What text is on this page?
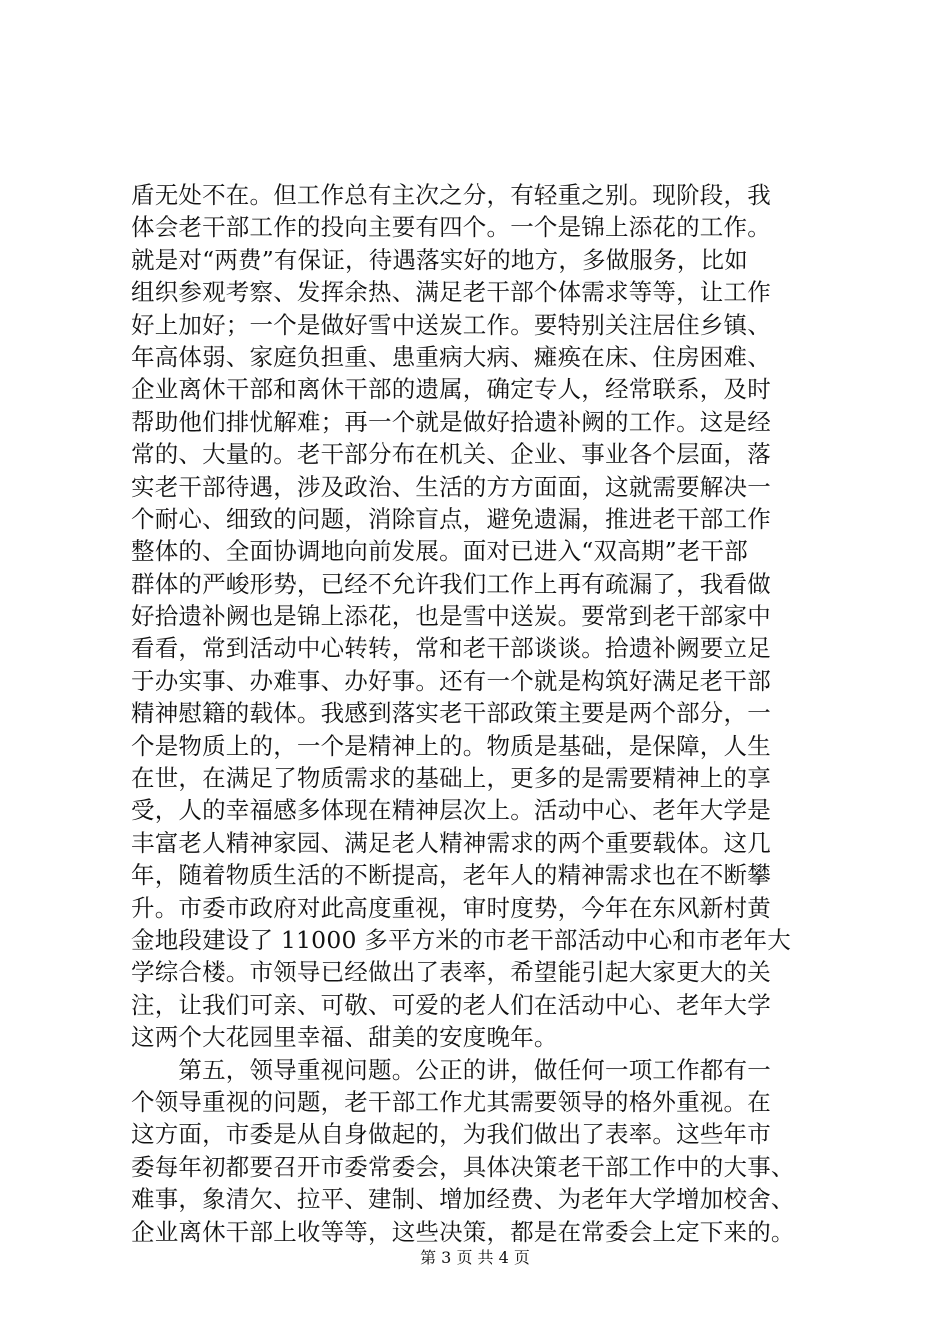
盾无处不在。但工作总有主次之分，有轻重之别。现阶段，我
体会老干部工作的投向主要有四个。一个是锦上添花的工作。
就是对“两费”有保证，待遇落实好的地方，多做服务，比如
组织参观考察、发挥余热、满足老干部个体需求等等，让工作
好上加好；一个是做好雪中送炭工作。要特别关注居住乡镇、
年高体弱、家庭负担重、患重病大病、瘫痪在床、住房困难、
企业离休干部和离休干部的遗属，确定专人，经常联系，及时
帮助他们排忧解难；再一个就是做好拾遗补阙的工作。这是经
常的、大量的。老干部分布在机关、企业、事业各个层面，落
实老干部待遇，涉及政治、生活的方方面面，这就需要解决一
个耐心、细致的问题，消除盲点，避免遗漏，推进老干部工作
整体的、全面协调地向前发展。面对已进入“双高期”老干部
群体的严峻形势，已经不允许我们工作上再有疏漏了，我看做
好拾遗补阙也是锦上添花，也是雪中送炭。要常到老干部家中
看看，常到活动中心转转，常和老干部谈谈。拾遗补阙要立足
于办实事、办难事、办好事。还有一个就是构筑好满足老干部
精神慰籍的载体。我感到落实老干部政策主要是两个部分，一
个是物质上的，一个是精神上的。物质是基础，是保障，人生
在世，在满足了物质需求的基础上，更多的是需要精神上的享
受，人的幸福感多体现在精神层次上。活动中心、老年大学是
丰富老人精神家园、满足老人精神需求的两个重要载体。这几
年，随着物质生活的不断提高，老年人的精神需求也在不断攀
升。市委市政府对此高度重视，审时度势，今年在东风新村黄
金地段建设了 11000 多平方米的市老干部活动中心和市老年大
学综合楼。市领导已经做出了表率，希望能引起大家更大的关
注，让我们可亲、可敬、可爱的老人们在活动中心、老年大学
这两个大花园里幸福、甜美的安度晚年。
　　第五，领导重视问题。公正的讲，做任何一项工作都有一
个领导重视的问题，老干部工作尤其需要领导的格外重视。在
这方面，市委是从自身做起的，为我们做出了表率。这些年市
委每年初都要召开市委常委会，具体决策老干部工作中的大事、
难事，象清欠、拉平、建制、增加经费、为老年大学增加校舍、
企业离休干部上收等等，这些决策，都是在常委会上定下来的。
第 3 页 共 4 页
